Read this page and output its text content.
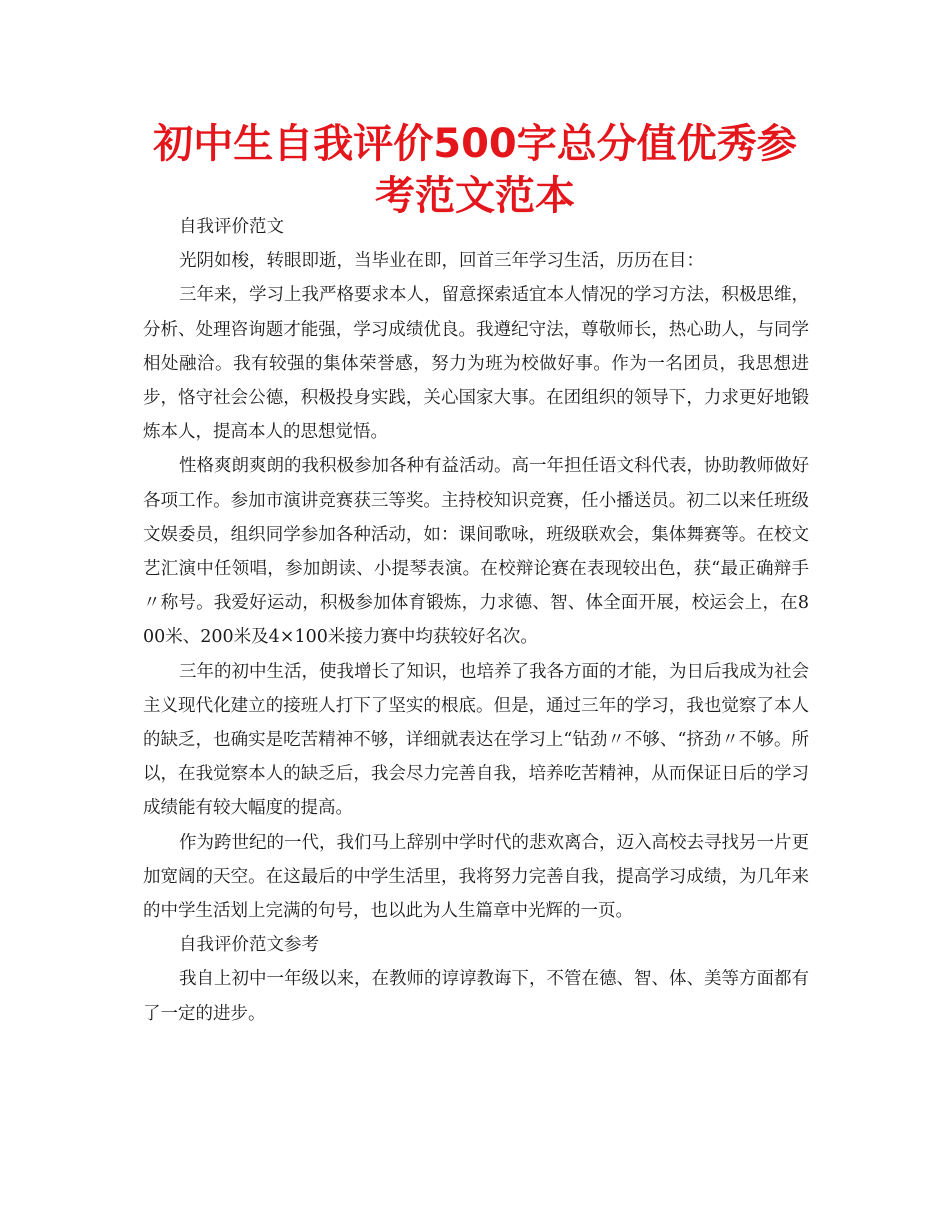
初中生自我评价500字总分值优秀参考范文范本

自我评价范文

光阴如梭，转眼即逝，当毕业在即，回首三年学习生活，历历在目：

三年来，学习上我严格要求本人，留意探索适宜本人情况的学习方法，积极思维，分析、处理咨询题才能强，学习成绩优良。我遵纪守法，尊敬师长，热心助人，与同学相处融洽。我有较强的集体荣誉感，努力为班为校做好事。作为一名团员，我思想进步，恪守社会公德，积极投身实践，关心国家大事。在团组织的领导下，力求更好地锻炼本人，提高本人的思想觉悟。

性格爽朗爽朗的我积极参加各种有益活动。高一年担任语文科代表，协助教师做好各项工作。参加市演讲竞赛获三等奖。主持校知识竞赛，任小播送员。初二以来任班级文娱委员，组织同学参加各种活动，如：课间歌咏，班级联欢会，集体舞赛等。在校文艺汇演中任领唱，参加朗读、小提琴表演。在校辩论赛在表现较出色，获“最正确辩手〃称号。我爱好运动，积极参加体育锻炼，力求德、智、体全面开展，校运会上，在800米、200米及4×100米接力赛中均获较好名次。

三年的初中生活，使我增长了知识，也培养了我各方面的才能，为日后我成为社会主义现代化建立的接班人打下了坚实的根底。但是，通过三年的学习，我也觉察了本人的缺乏，也确实是吃苦精神不够，详细就表达在学习上“钻劲〃不够、“挤劲〃不够。所以，在我觉察本人的缺乏后，我会尽力完善自我，培养吃苦精神，从而保证日后的学习成绩能有较大幅度的提高。

作为跨世纪的一代，我们马上辞别中学时代的悲欢离合，迈入高校去寻找另一片更加宽阔的天空。在这最后的中学生活里，我将努力完善自我，提高学习成绩，为几年来的中学生活划上完满的句号，也以此为人生篇章中光辉的一页。

自我评价范文参考

我自上初中一年级以来，在教师的谆谆教诲下，不管在德、智、体、美等方面都有了一定的进步。
